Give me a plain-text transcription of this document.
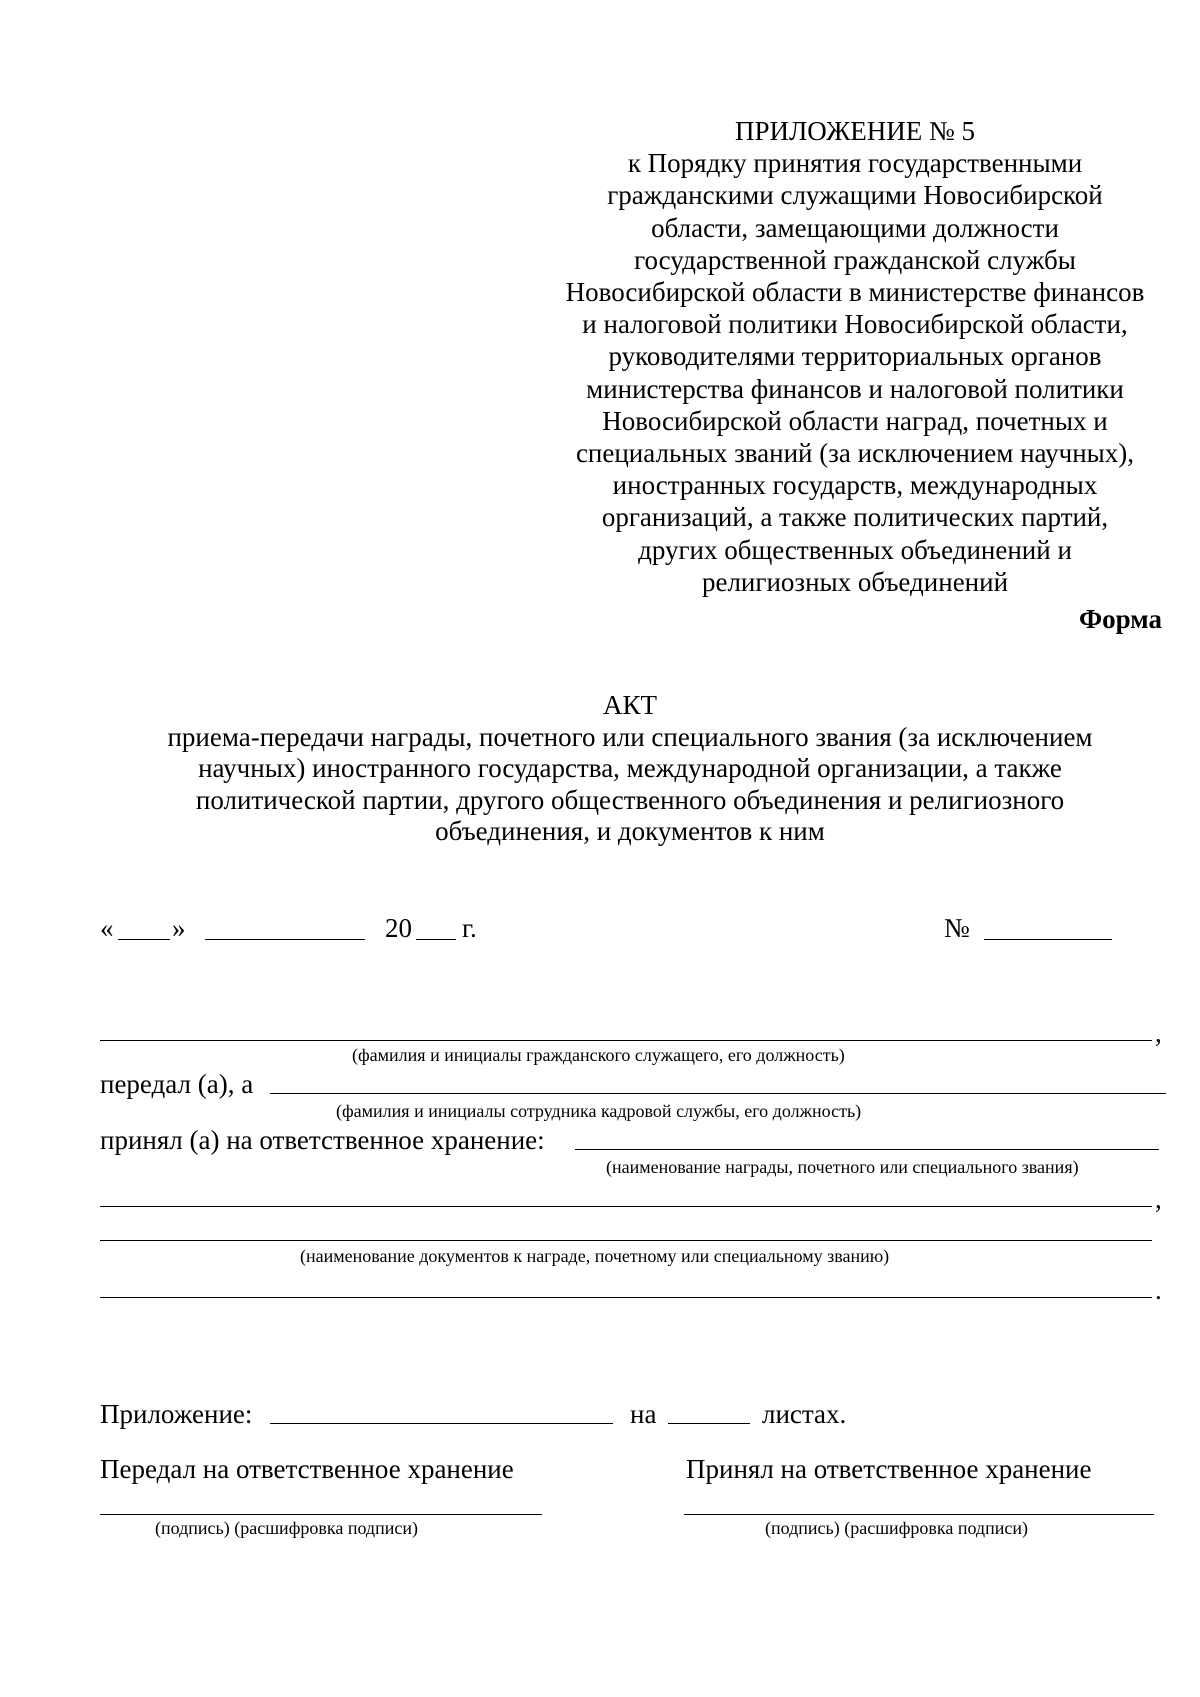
ПРИЛОЖЕНИЕ № 5
к Порядку принятия государственными
гражданскими служащими Новосибирской
области, замещающими должности
государственной гражданской службы
Новосибирской области в министерстве финансов
и налоговой политики Новосибирской области,
руководителями территориальных органов
министерства финансов и налоговой политики
Новосибирской области наград, почетных и
специальных званий (за исключением научных),
иностранных государств, международных
организаций, а также политических партий,
других общественных объединений и
религиозных объединений
Форма
АКТ
приема-передачи награды, почетного или специального звания (за исключением
научных) иностранного государства, международной организации, а также
политической партии, другого общественного объединения и религиозного
объединения, и документов к ним
« »	20 г.	№
,
(фамилия и инициалы гражданского служащего, его должность)
передал (а), а
(фамилия и инициалы сотрудника кадровой службы, его должность)
принял (а) на ответственное хранение:
(наименование награды, почетного или специального звания)
,
(наименование документов к награде, почетному или специальному званию)
.
Приложение:	на	листах.
Передал на ответственное хранение	Принял на ответственное хранение
(подпись) (расшифровка подписи)	(подпись) (расшифровка подписи)
